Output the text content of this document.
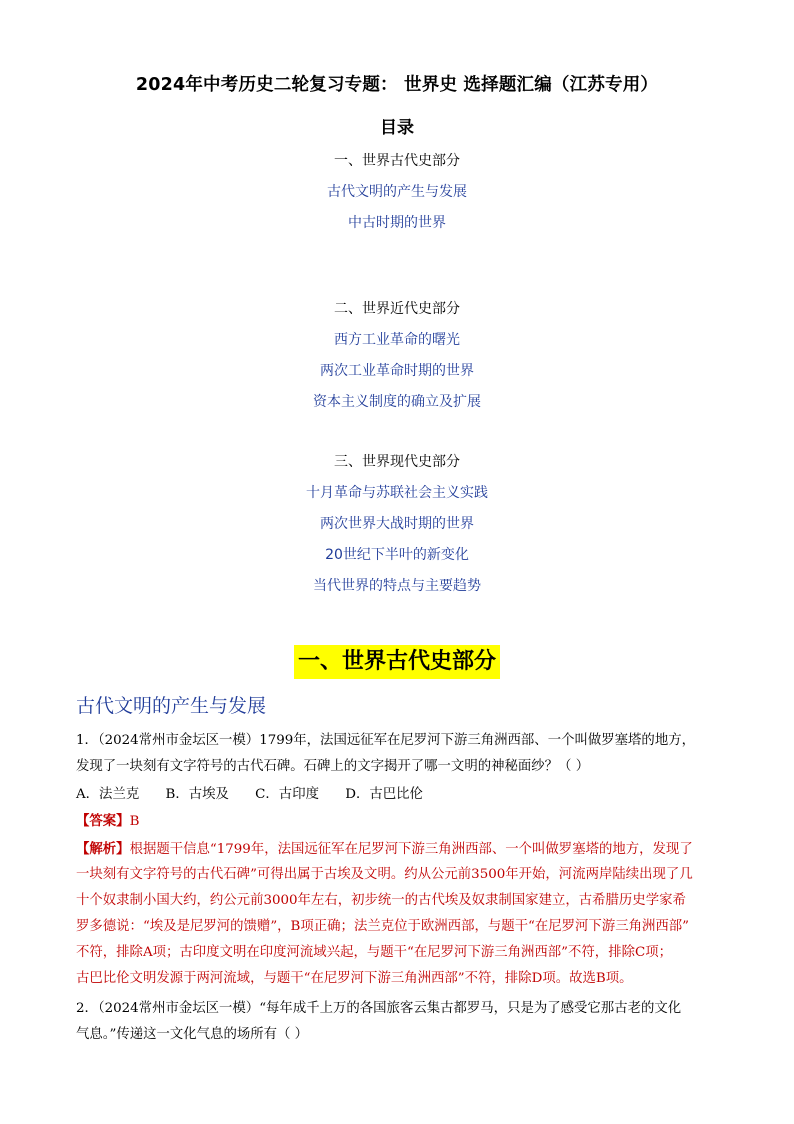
2024年中考历史二轮复习专题： 世界史 选择题汇编（江苏专用）
目录
一、世界古代史部分
古代文明的产生与发展
中古时期的世界
二、世界近代史部分
西方工业革命的曙光
两次工业革命时期的世界
资本主义制度的确立及扩展
三、世界现代史部分
十月革命与苏联社会主义实践
两次世界大战时期的世界
20世纪下半叶的新变化
当代世界的特点与主要趋势
一、世界古代史部分
古代文明的产生与发展
1．（2024常州市金坛区一模）1799年，法国远征军在尼罗河下游三角洲西部、一个叫做罗塞塔的地方，
发现了一块刻有文字符号的古代石碑。石碑上的文字揭开了哪一文明的神秘面纱？（ ）
A．法兰克 B．古埃及 C．古印度 D．古巴比伦
【答案】B
【解析】根据题干信息“1799年，法国远征军在尼罗河下游三角洲西部、一个叫做罗塞塔的地方，发现了
一块刻有文字符号的古代石碑”可得出属于古埃及文明。约从公元前3500年开始，河流两岸陆续出现了几
十个奴隶制小国大约，约公元前3000年左右，初步统一的古代埃及奴隶制国家建立，古希腊历史学家希
罗多德说：“埃及是尼罗河的馈赠”，B项正确；法兰克位于欧洲西部，与题干“在尼罗河下游三角洲西部”
不符，排除A项；古印度文明在印度河流域兴起，与题干“在尼罗河下游三角洲西部”不符，排除C项；
古巴比伦文明发源于两河流域，与题干“在尼罗河下游三角洲西部”不符，排除D项。故选B项。
2．（2024常州市金坛区一模）“每年成千上万的各国旅客云集古都罗马，只是为了感受它那古老的文化
气息。”传递这一文化气息的场所有（ ）
